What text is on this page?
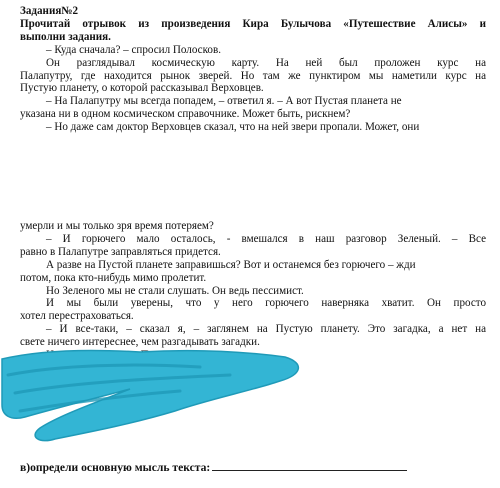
Задания№2
Прочитай отрывок из произведения Кира Булычова «Путешествие Алисы» и
выполни задания.
– Куда сначала? – спросил Полосков.
Он разглядывал космическую карту. На ней был проложен курс на
Палапутру, где находится рынок зверей. Но там же пунктиром мы наметили курс на
Пустую планету, о которой рассказывал Верховцев.
– На Палапутру мы всегда попадем, – ответил я. – А вот Пустая планета не
указана ни в одном космическом справочнике. Может быть, рискнем?
– Но даже сам доктор Верховцев сказал, что на ней звери пропали. Может, они
умерли и мы только зря время потеряем?
– И горючего мало осталось, - вмешался в наш разговор Зеленый. – Все
равно в Палапутре заправляться придется.
А разве на Пустой планете заправишься? Вот и останемся без горючего – жди
потом, пока кто-нибудь мимо пролетит.
Но Зеленого мы не стали слушать. Он ведь пессимист.
И мы были уверены, что у него горючего наверняка хватит. Он просто
хотел перестраховаться.
– И все-таки, – сказал я, – заглянем на Пустую планету. Это загадка, а нет на
свете ничего интереснее, чем разгадывать загадки.
в)определи основную мысль текста:
